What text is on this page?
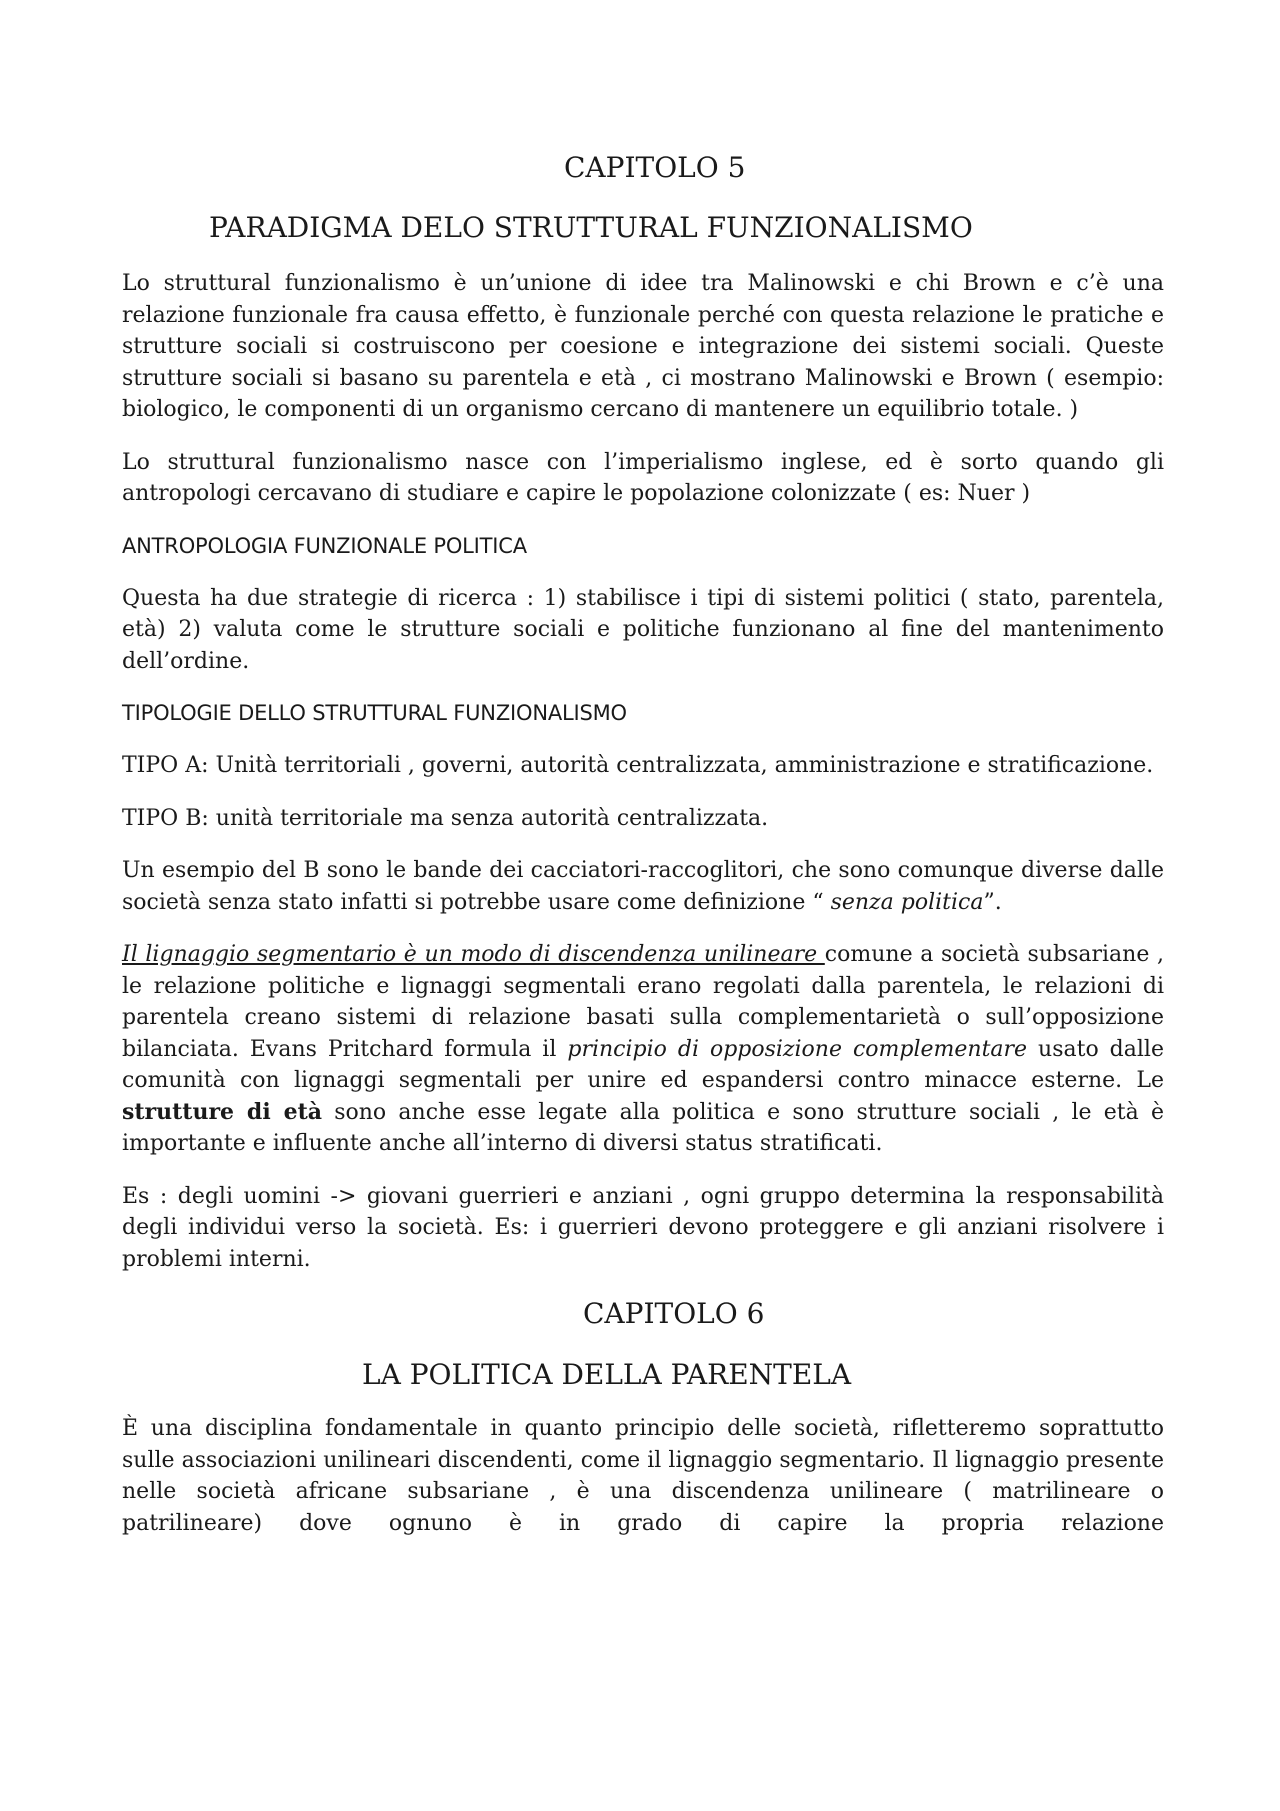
CAPITOLO 5
PARADIGMA DELO STRUTTURAL FUNZIONALISMO

Lo struttural funzionalismo è un’unione di idee tra Malinowski e chi Brown e c’è una relazione funzionale fra causa effetto, è funzionale perché con questa relazione le pratiche e strutture sociali si costruiscono per coesione e integrazione dei sistemi sociali. Queste strutture sociali si basano su parentela e età , ci mostrano Malinowski e Brown ( esempio: biologico, le componenti di un organismo cercano di mantenere un equilibrio totale. )

Lo struttural funzionalismo nasce con l’imperialismo inglese, ed è sorto quando gli antropologi cercavano di studiare e capire le popolazione colonizzate ( es: Nuer )

ANTROPOLOGIA FUNZIONALE POLITICA

Questa ha due strategie di ricerca : 1) stabilisce i tipi di sistemi politici ( stato, parentela, età) 2) valuta come le strutture sociali e politiche funzionano al fine del mantenimento dell’ordine.

TIPOLOGIE DELLO STRUTTURAL FUNZIONALISMO

TIPO A: Unità territoriali , governi, autorità centralizzata, amministrazione e stratificazione.

TIPO B: unità territoriale ma senza autorità centralizzata.

Un esempio del B sono le bande dei cacciatori-raccoglitori, che sono comunque diverse dalle società senza stato infatti si potrebbe usare come definizione “ senza politica”.

Il lignaggio segmentario è un modo di discendenza unilineare comune a società subsariane , le relazione politiche e lignaggi segmentali erano regolati dalla parentela, le relazioni di parentela creano sistemi di relazione basati sulla complementarietà o sull’opposizione bilanciata. Evans Pritchard formula il principio di opposizione complementare usato dalle comunità con lignaggi segmentali per unire ed espandersi contro minacce esterne. Le strutture di età sono anche esse legate alla politica e sono strutture sociali , le età è importante e influente anche all’interno di diversi status stratificati.

Es : degli uomini -> giovani guerrieri e anziani , ogni gruppo determina la responsabilità degli individui verso la società. Es: i guerrieri devono proteggere e gli anziani risolvere i problemi interni.

CAPITOLO 6
LA POLITICA DELLA PARENTELA

È una disciplina fondamentale in quanto principio delle società, rifletteremo soprattutto sulle associazioni unilineari discendenti, come il lignaggio segmentario. Il lignaggio presente nelle società africane subsariane , è una discendenza unilineare ( matrilineare o patrilineare) dove ognuno è in grado di capire la propria relazione
